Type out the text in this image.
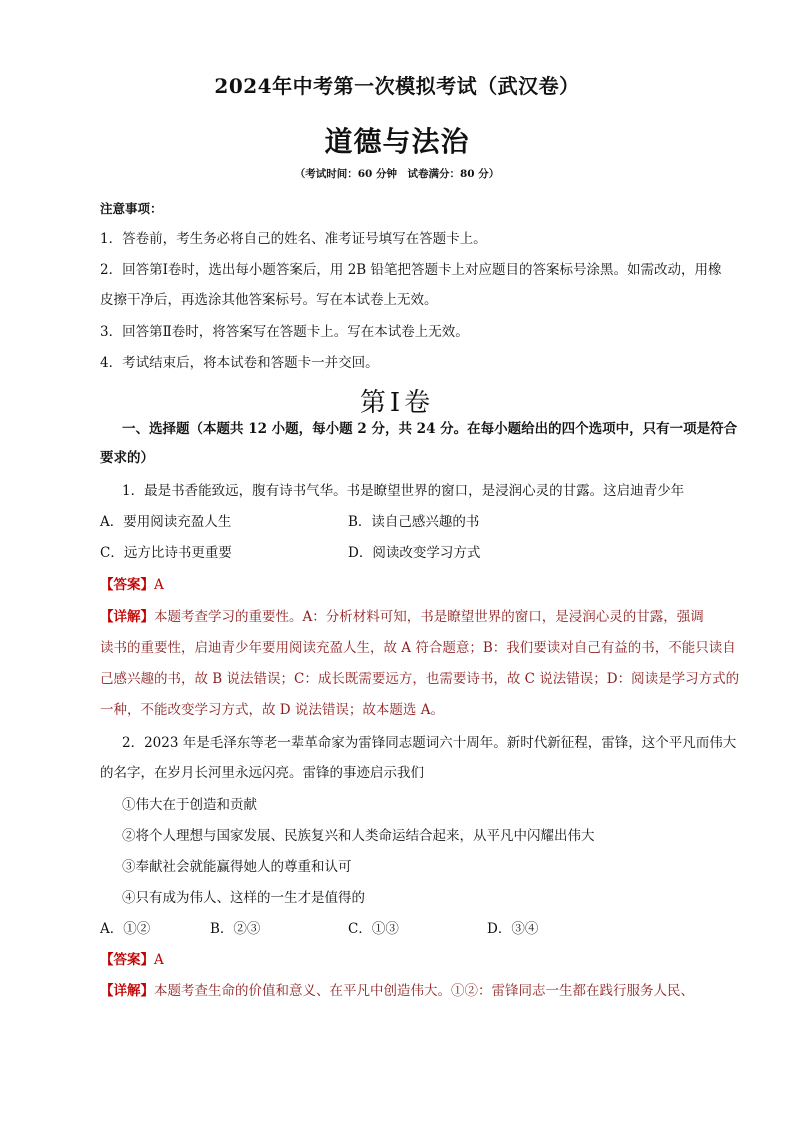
2024年中考第一次模拟考试（武汉卷）
道德与法治
（考试时间：60 分钟　试卷满分：80 分）
注意事项：
1．答卷前，考生务必将自己的姓名、准考证号填写在答题卡上。
2．回答第Ⅰ卷时，选出每小题答案后，用 2B 铅笔把答题卡上对应题目的答案标号涂黑。如需改动，用橡
皮擦干净后，再选涂其他答案标号。写在本试卷上无效。
3．回答第Ⅱ卷时，将答案写在答题卡上。写在本试卷上无效。
4．考试结束后，将本试卷和答题卡一并交回。
第Ⅰ卷
一、选择题（本题共 12 小题，每小题 2 分，共 24 分。在每小题给出的四个选项中，只有一项是符合
要求的）
1．最是书香能致远，腹有诗书气华。书是瞭望世界的窗口，是浸润心灵的甘露。这启迪青少年
A．要用阅读充盈人生	B．读自己感兴趣的书
C．远方比诗书更重要	D．阅读改变学习方式
【答案】A
【详解】本题考查学习的重要性。A：分析材料可知，书是瞭望世界的窗口，是浸润心灵的甘露，强调
读书的重要性，启迪青少年要用阅读充盈人生，故 A 符合题意；B：我们要读对自己有益的书，不能只读自
己感兴趣的书，故 B 说法错误；C：成长既需要远方，也需要诗书，故 C 说法错误；D：阅读是学习方式的
一种，不能改变学习方式，故 D 说法错误；故本题选 A。
2．2023 年是毛泽东等老一辈革命家为雷锋同志题词六十周年。新时代新征程，雷锋，这个平凡而伟大
的名字，在岁月长河里永远闪亮。雷锋的事迹启示我们
①伟大在于创造和贡献
②将个人理想与国家发展、民族复兴和人类命运结合起来，从平凡中闪耀出伟大
③奉献社会就能赢得她人的尊重和认可
④只有成为伟人、这样的一生才是值得的
A．①②	B．②③	C．①③	D．③④
【答案】A
【详解】本题考查生命的价值和意义、在平凡中创造伟大。①②：雷锋同志一生都在践行服务人民、
